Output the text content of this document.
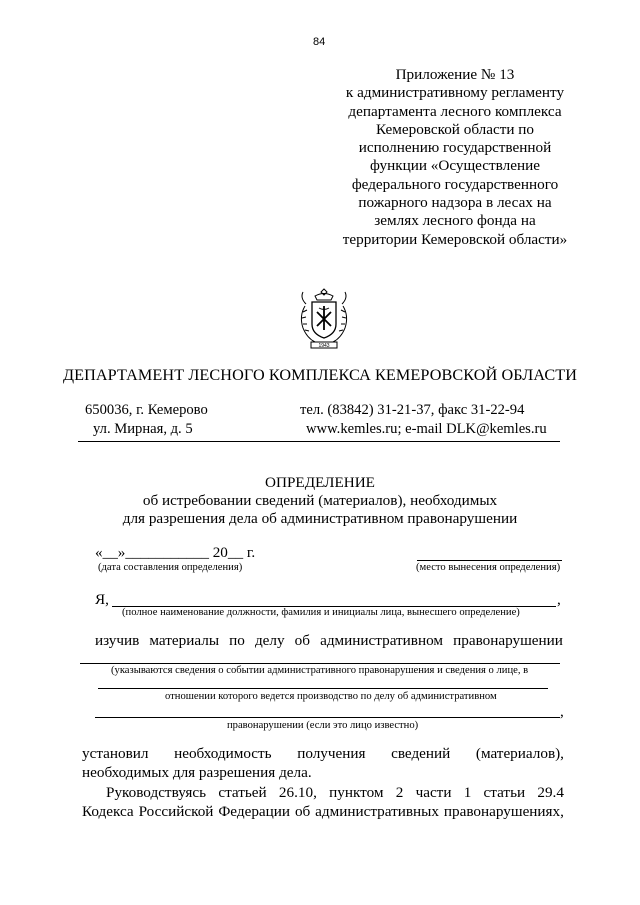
84
Приложение № 13
к административному регламенту
департамента лесного комплекса
Кемеровской области по
исполнению государственной
функции «Осуществление
федерального государственного
пожарного надзора в лесах на
землях лесного фонда на
территории Кемеровской области»
1943
ДЕПАРТАМЕНТ ЛЕСНОГО КОМПЛЕКСА КЕМЕРОВСКОЙ ОБЛАСТИ
650036, г. Кемерово
ул. Мирная, д. 5
тел. (83842) 31-21-37, факс 31-22-94
www.kemles.ru; e-mail DLK@kemles.ru
ОПРЕДЕЛЕНИЕ
об истребовании сведений (материалов), необходимых
для разрешения дела об административном правонарушении
«__»___________ 20__ г.
(дата составления определения)	(место вынесения определения)
Я,	,
(полное наименование должности, фамилия и инициалы лица, вынесшего определение)
изучив материалы по делу об административном правонарушении
(указываются сведения о событии административного правонарушения и сведения о лице, в
отношении которого ведется производство по делу об административном
,
правонарушении (если это лицо известно)
установил необходимость получения сведений (материалов),
необходимых для разрешения дела.
Руководствуясь статьей 26.10, пунктом 2 части 1 статьи 29.4
Кодекса Российской Федерации об административных правонарушениях,
